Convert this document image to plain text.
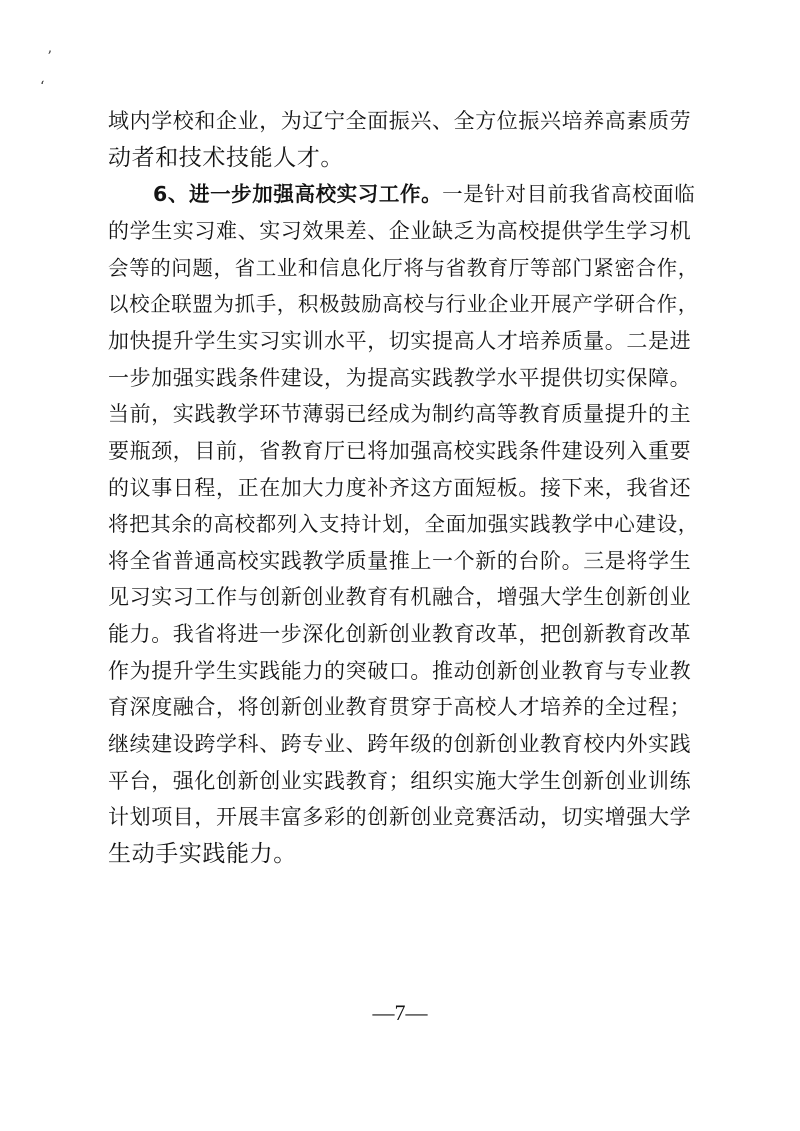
ʼ
ʻ
域内学校和企业，为辽宁全面振兴、全方位振兴培养高素质劳
动者和技术技能人才。
6、进一步加强高校实习工作。一是针对目前我省高校面临
的学生实习难、实习效果差、企业缺乏为高校提供学生学习机
会等的问题，省工业和信息化厅将与省教育厅等部门紧密合作，
以校企联盟为抓手，积极鼓励高校与行业企业开展产学研合作，
加快提升学生实习实训水平，切实提高人才培养质量。二是进
一步加强实践条件建设，为提高实践教学水平提供切实保障。
当前，实践教学环节薄弱已经成为制约高等教育质量提升的主
要瓶颈，目前，省教育厅已将加强高校实践条件建设列入重要
的议事日程，正在加大力度补齐这方面短板。接下来，我省还
将把其余的高校都列入支持计划，全面加强实践教学中心建设，
将全省普通高校实践教学质量推上一个新的台阶。三是将学生
见习实习工作与创新创业教育有机融合，增强大学生创新创业
能力。我省将进一步深化创新创业教育改革，把创新教育改革
作为提升学生实践能力的突破口。推动创新创业教育与专业教
育深度融合，将创新创业教育贯穿于高校人才培养的全过程；
继续建设跨学科、跨专业、跨年级的创新创业教育校内外实践
平台，强化创新创业实践教育；组织实施大学生创新创业训练
计划项目，开展丰富多彩的创新创业竞赛活动，切实增强大学
生动手实践能力。
—7—
